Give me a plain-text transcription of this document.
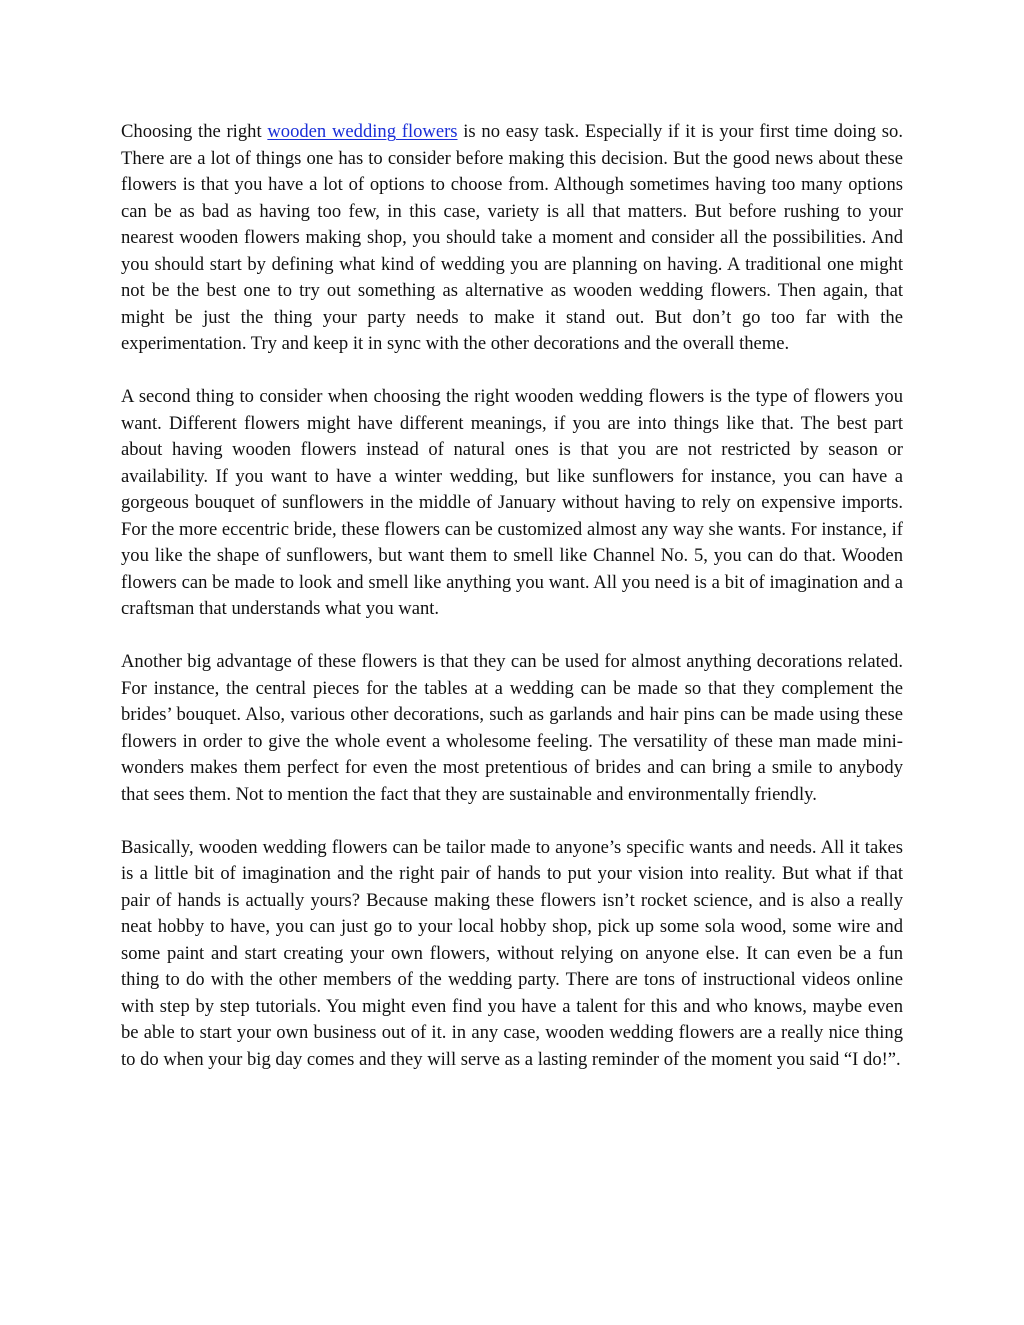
Choosing the right wooden wedding flowers is no easy task. Especially if it is your first time doing so. There are a lot of things one has to consider before making this decision. But the good news about these flowers is that you have a lot of options to choose from. Although sometimes having too many options can be as bad as having too few, in this case, variety is all that matters. But before rushing to your nearest wooden flowers making shop, you should take a moment and consider all the possibilities. And you should start by defining what kind of wedding you are planning on having. A traditional one might not be the best one to try out something as alternative as wooden wedding flowers. Then again, that might be just the thing your party needs to make it stand out. But don’t go too far with the experimentation. Try and keep it in sync with the other decorations and the overall theme.

A second thing to consider when choosing the right wooden wedding flowers is the type of flowers you want. Different flowers might have different meanings, if you are into things like that. The best part about having wooden flowers instead of natural ones is that you are not restricted by season or availability. If you want to have a winter wedding, but like sunflowers for instance, you can have a gorgeous bouquet of sunflowers in the middle of January without having to rely on expensive imports. For the more eccentric bride, these flowers can be customized almost any way she wants. For instance, if you like the shape of sunflowers, but want them to smell like Channel No. 5, you can do that. Wooden flowers can be made to look and smell like anything you want. All you need is a bit of imagination and a craftsman that understands what you want.

Another big advantage of these flowers is that they can be used for almost anything decorations related. For instance, the central pieces for the tables at a wedding can be made so that they complement the brides’ bouquet. Also, various other decorations, such as garlands and hair pins can be made using these flowers in order to give the whole event a wholesome feeling. The versatility of these man made mini-wonders makes them perfect for even the most pretentious of brides and can bring a smile to anybody that sees them. Not to mention the fact that they are sustainable and environmentally friendly.

Basically, wooden wedding flowers can be tailor made to anyone’s specific wants and needs. All it takes is a little bit of imagination and the right pair of hands to put your vision into reality. But what if that pair of hands is actually yours? Because making these flowers isn’t rocket science, and is also a really neat hobby to have, you can just go to your local hobby shop, pick up some sola wood, some wire and some paint and start creating your own flowers, without relying on anyone else. It can even be a fun thing to do with the other members of the wedding party. There are tons of instructional videos online with step by step tutorials. You might even find you have a talent for this and who knows, maybe even be able to start your own business out of it. in any case, wooden wedding flowers are a really nice thing to do when your big day comes and they will serve as a lasting reminder of the moment you said “I do!”.
